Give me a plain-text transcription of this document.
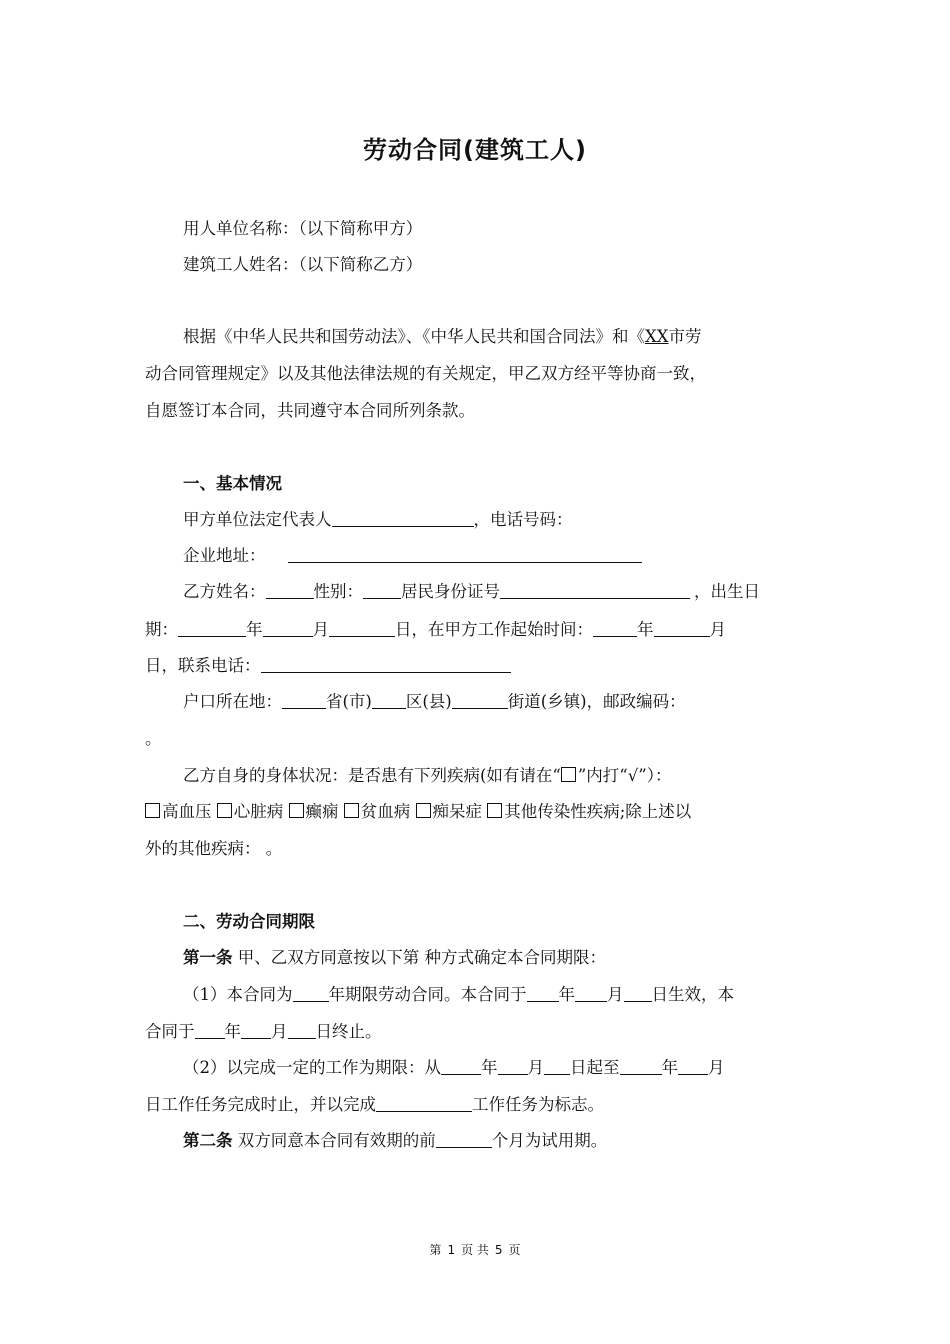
劳动合同(建筑工人)
用人单位名称：（以下简称甲方）
建筑工人姓名：（以下简称乙方）
根据《中华人民共和国劳动法》、《中华人民共和国合同法》和《XX市劳
动合同管理规定》以及其他法律法规的有关规定，甲乙双方经平等协商一致，
自愿签订本合同，共同遵守本合同所列条款。
一、基本情况
甲方单位法定代表人	，电话号码：
企业地址：
乙方姓名：	性别： 居民身份证号	，出生日
期：	年	月	日，在甲方工作起始时间：	年	月
日，联系电话：
户口所在地：	省(市) 区(县)	街道(乡镇)，邮政编码：
。
乙方自身的身体状况：是否患有下列疾病(如有请在“ ”内打“√”）：
高血压 心脏病 癫痫 贫血病 痴呆症 其他传染性疾病;除上述以
外的其他疾病： 。
二、劳动合同期限
第一条 甲、乙双方同意按以下第 种方式确定本合同期限：
（1）本合同为 年期限劳动合同。本合同于 年 月 日生效，本
合同于 年 月 日终止。
（2）以完成一定的工作为期限：从 年 月 日起至	年 月
日工作任务完成时止，并以完成	工作任务为标志。
第二条 双方同意本合同有效期的前	个月为试用期。
第 1 页 共 5 页
